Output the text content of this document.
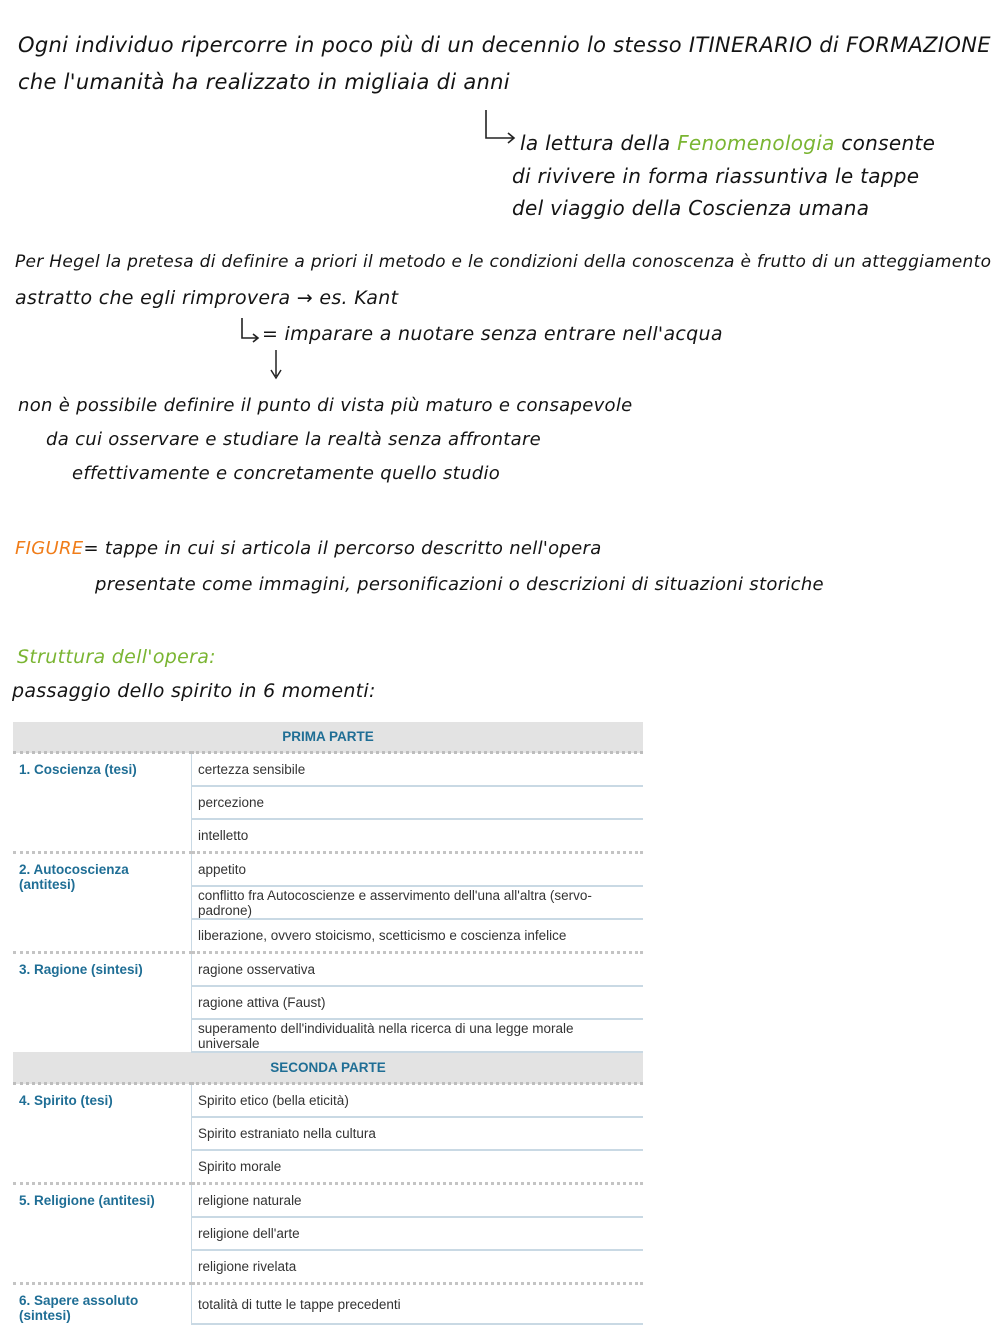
Ogni individuo ripercorre in poco più di un decennio lo stesso ITINERARIO di FORMAZIONE
che l'umanità ha realizzato in migliaia di anni
la lettura della Fenomenologia consente
di rivivere in forma riassuntiva le tappe
del viaggio della Coscienza umana
Per Hegel la pretesa di definire a priori il metodo e le condizioni della conoscenza è frutto di un atteggiamento
astratto che egli rimprovera → es. Kant
= imparare a nuotare senza entrare nell'acqua
non è possibile definire il punto di vista più maturo e consapevole
da cui osservare e studiare la realtà senza affrontare
effettivamente e concretamente quello studio
FIGURE= tappe in cui si articola il percorso descritto nell'opera
presentate come immagini, personificazioni o descrizioni di situazioni storiche
Struttura dell'opera:
passaggio dello spirito in 6 momenti:
PRIMA PARTE	
1. Coscienza (tesi)	certezza sensibile
	percezione
	intelletto
2. Autocoscienza (antitesi)	appetito
	conflitto fra Autocoscienze e asservimento dell'una all'altra (servo-padrone)
	liberazione, ovvero stoicismo, scetticismo e coscienza infelice
3. Ragione (sintesi)	ragione osservativa
	ragione attiva (Faust)
	superamento dell'individualità nella ricerca di una legge morale universale
SECONDA PARTE	
4. Spirito (tesi)	Spirito etico (bella eticità)
	Spirito estraniato nella cultura
	Spirito morale
5. Religione (antitesi)	religione naturale
	religione dell'arte
	religione rivelata
6. Sapere assoluto (sintesi)	totalità di tutte le tappe precedenti
